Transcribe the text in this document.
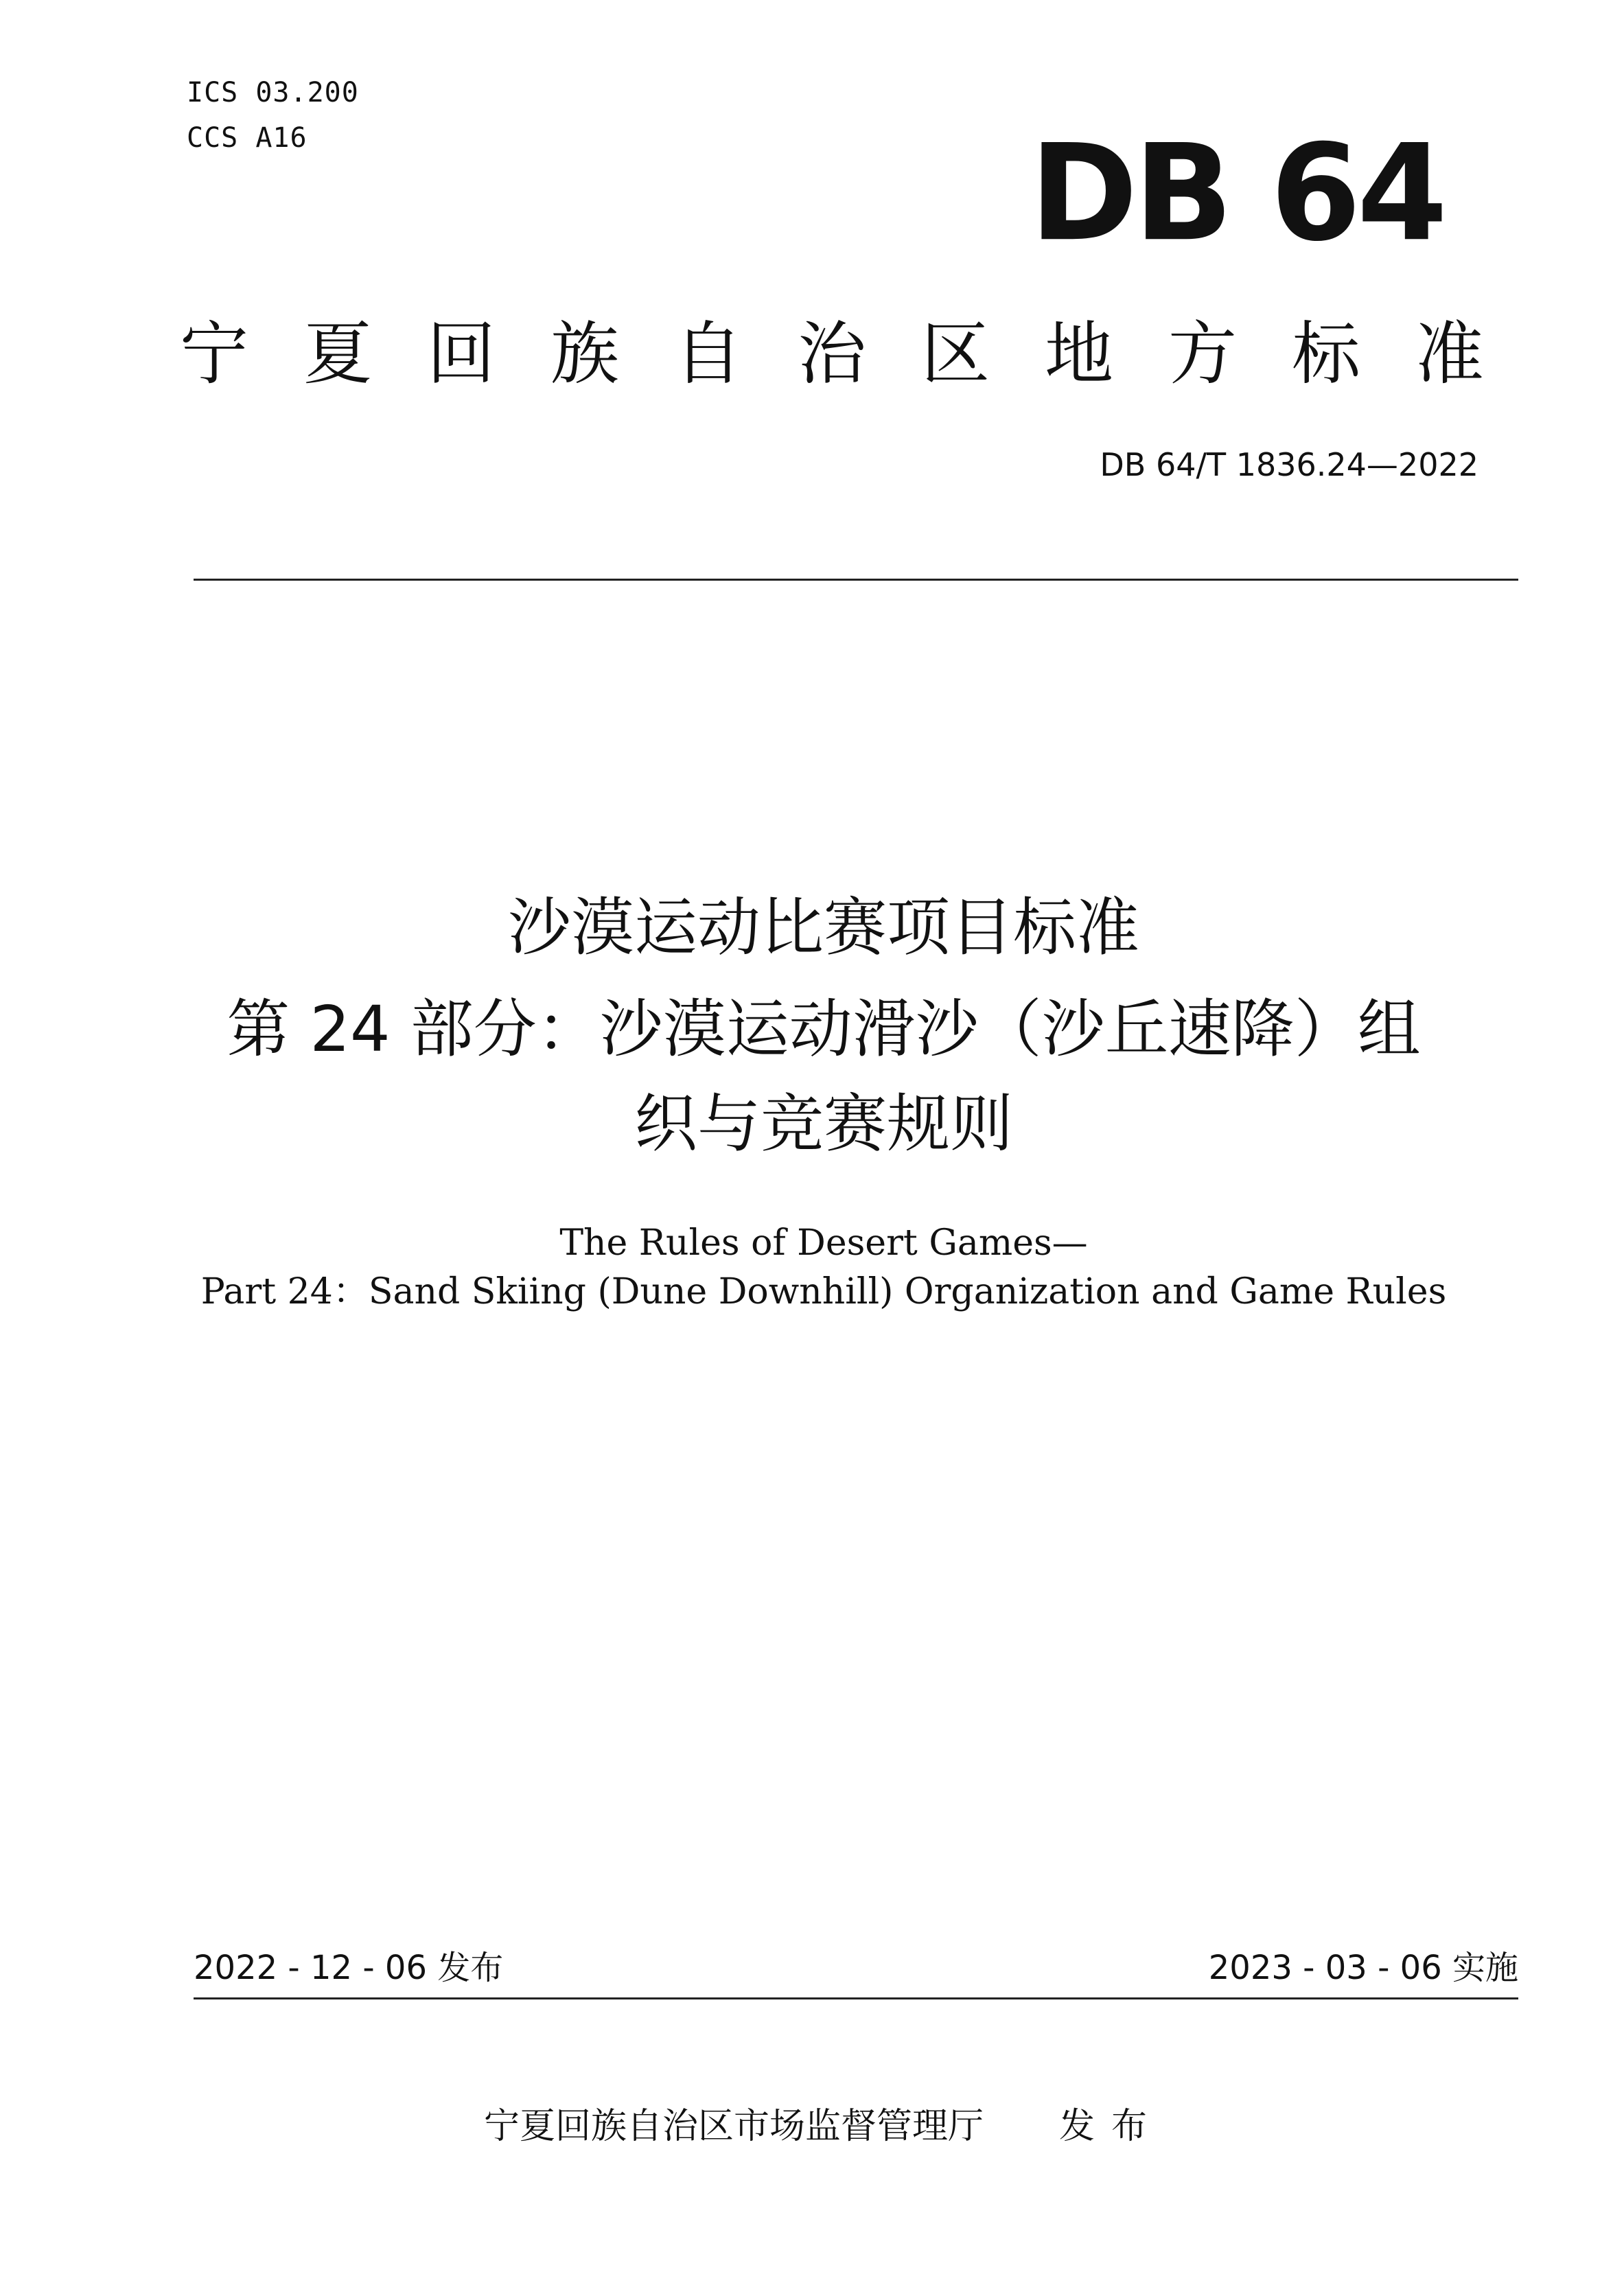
ICS 03.200
CCS A16	DB 64
宁夏回族自治区地方标准
DB 64/T 1836.24—2022
沙漠运动比赛项目标准
第 24 部分：沙漠运动滑沙（沙丘速降）组
织与竞赛规则
The Rules of Desert Games—
Part 24：Sand Skiing (Dune Downhill) Organization and Game Rules
2022 - 12 - 06 发布	2023 - 03 - 06 实施
宁夏回族自治区市场监督管理厅 发布
